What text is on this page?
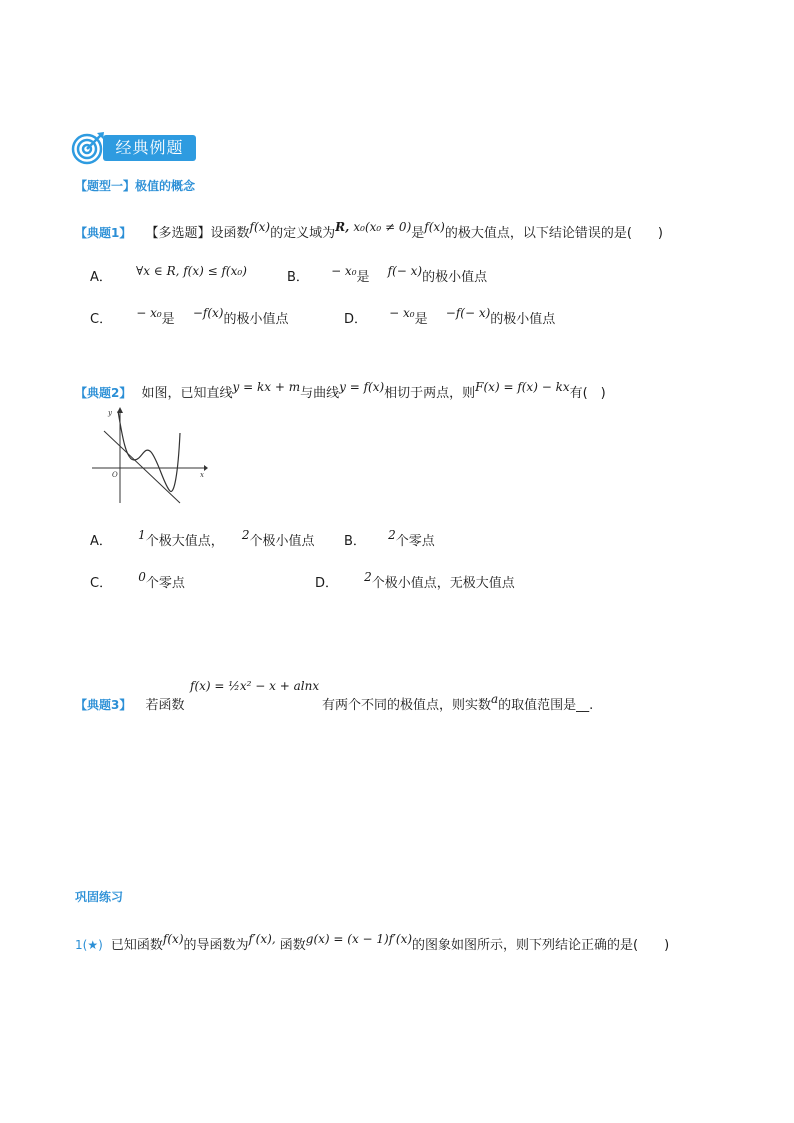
经典例题
【题型一】极值的概念
【典题1】 【多选题】设函数f(x)的定义域为R, x₀(x₀ ≠ 0)是f(x)的极大值点，以下结论错误的是(　　)
A． ∀x ∈ R, f(x) ≤ f(x₀)	B． − x₀是 f(− x)的极小值点
C． − x₀是 −f(x)的极小值点	D． − x₀是 −f(− x)的极小值点
【典题2】 如图，已知直线y = kx + m与曲线y = f(x)相切于两点，则F(x) = f(x) − kx有(　)
y
O	x
A． 1个极大值点， 2个极小值点 B． 2个零点
C． 0个零点	D． 2个极小值点，无极大值点
【典题3】 若函数
f(x) = ½x² − x + alnx
有两个不同的极值点，则实数a的取值范围是__.
巩固练习
1(★) 已知函数f(x)的导函数为f′(x), 函数g(x) = (x − 1)f′(x)的图象如图所示，则下列结论正确的是(　　)
